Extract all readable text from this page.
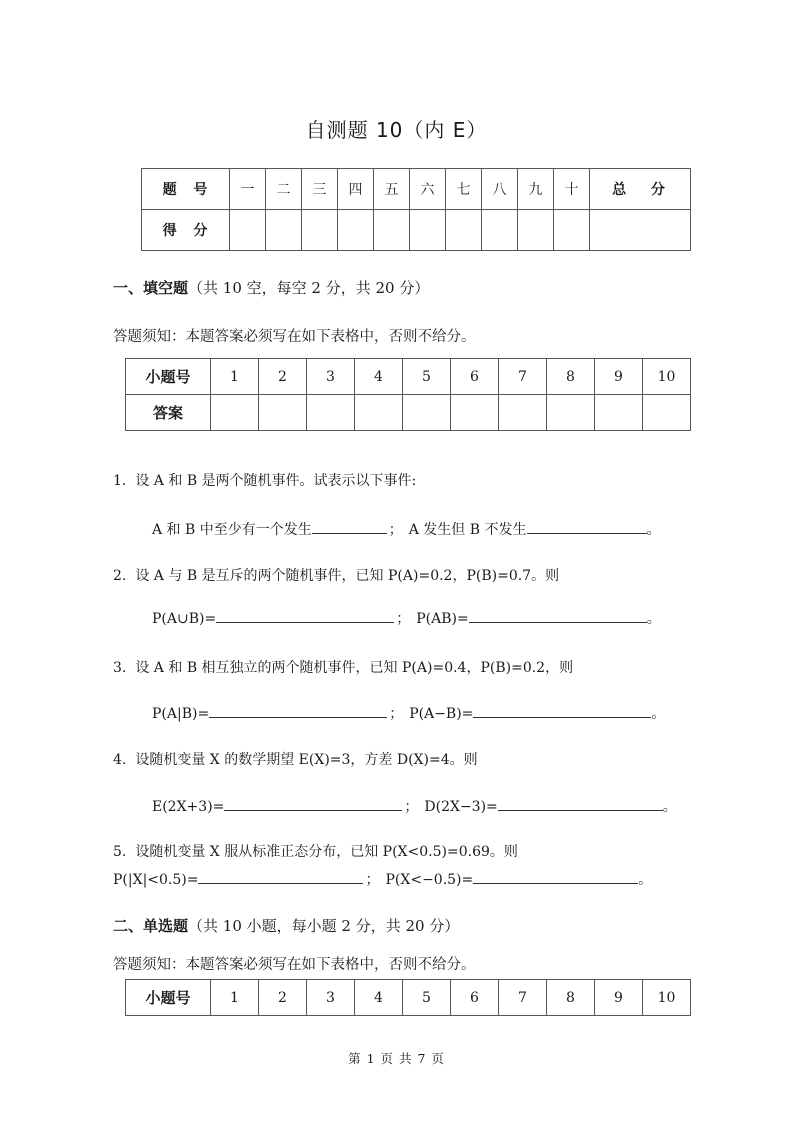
自测题 10（内 E）
题 号	一	二	三	四	五	六	七	八	九	十	总 分
得 分											
一、填空题（共 10 空，每空 2 分，共 20 分）
答题须知：本题答案必须写在如下表格中，否则不给分。
小题号	1	2	3	4	5	6	7	8	9	10
答案										
1. 设 A 和 B 是两个随机事件。试表示以下事件:
A 和 B 中至少有一个发生	； A 发生但 B 不发生	。
2. 设 A 与 B 是互斥的两个随机事件，已知 P(A)=0.2，P(B)=0.7。则
P(A∪B)=	； P(AB)=	。
3. 设 A 和 B 相互独立的两个随机事件，已知 P(A)=0.4，P(B)=0.2，则
P(A|B)=	； P(A−B)=	。
4. 设随机变量 X 的数学期望 E(X)=3，方差 D(X)=4。则
E(2X+3)=	； D(2X−3)=	。
5. 设随机变量 X 服从标准正态分布，已知 P(X<0.5)=0.69。则
P(|X|<0.5)=	； P(X<−0.5)=	。
二、单选题（共 10 小题，每小题 2 分，共 20 分）
答题须知：本题答案必须写在如下表格中，否则不给分。
小题号	1	2	3	4	5	6	7	8	9	10
第 1 页 共 7 页
